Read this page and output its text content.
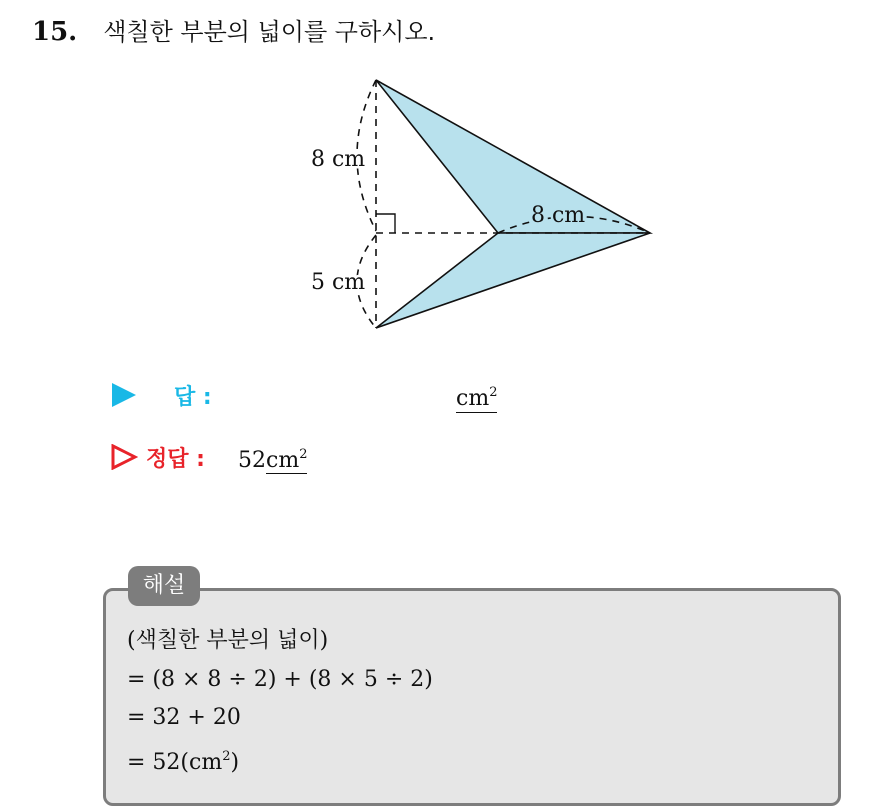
15. 색칠한 부분의 넓이를 구하시오.
8 cm
5 cm
8 cm
답 :	$cm^2$
정답 : $52cm^2$
해설
(색칠한 부분의 넓이)
= (8 × 8 ÷ 2) + (8 × 5 ÷ 2)
= 32 + 20
= $52(cm^2)$
